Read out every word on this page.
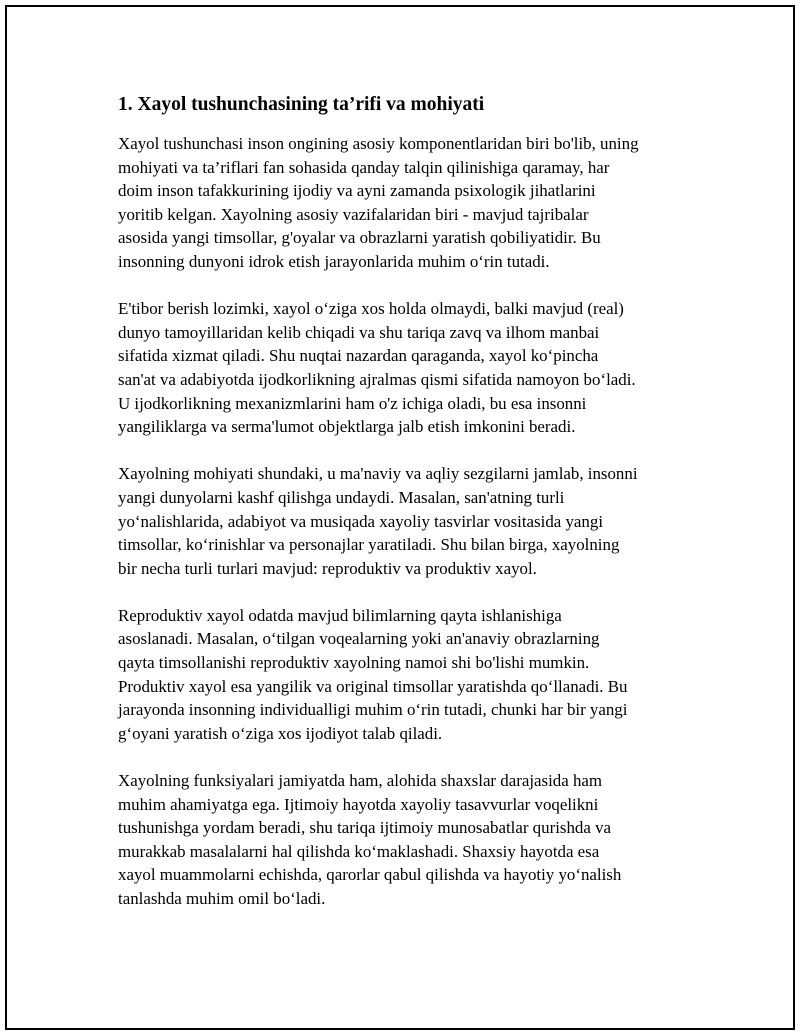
1. Xayol tushunchasining ta’rifi va mohiyati

Xayol tushunchasi inson ongining asosiy komponentlaridan biri bo'lib, uning
mohiyati va ta’riflari fan sohasida qanday talqin qilinishiga qaramay, har
doim inson tafakkurining ijodiy va ayni zamanda psixologik jihatlarini
yoritib kelgan. Xayolning asosiy vazifalaridan biri - mavjud tajribalar
asosida yangi timsollar, g'oyalar va obrazlarni yaratish qobiliyatidir. Bu
insonning dunyoni idrok etish jarayonlarida muhim o‘rin tutadi.

E'tibor berish lozimki, xayol o‘ziga xos holda olmaydi, balki mavjud (real)
dunyo tamoyillaridan kelib chiqadi va shu tariqa zavq va ilhom manbai
sifatida xizmat qiladi. Shu nuqtai nazardan qaraganda, xayol ko‘pincha
san'at va adabiyotda ijodkorlikning ajralmas qismi sifatida namoyon bo‘ladi.
U ijodkorlikning mexanizmlarini ham o'z ichiga oladi, bu esa insonni
yangiliklarga va serma'lumot objektlarga jalb etish imkonini beradi.

Xayolning mohiyati shundaki, u ma'naviy va aqliy sezgilarni jamlab, insonni
yangi dunyolarni kashf qilishga undaydi. Masalan, san'atning turli
yo‘nalishlarida, adabiyot va musiqada xayoliy tasvirlar vositasida yangi
timsollar, ko‘rinishlar va personajlar yaratiladi. Shu bilan birga, xayolning
bir necha turli turlari mavjud: reproduktiv va produktiv xayol.

Reproduktiv xayol odatda mavjud bilimlarning qayta ishlanishiga
asoslanadi. Masalan, o‘tilgan voqealarning yoki an'anaviy obrazlarning
qayta timsollanishi reproduktiv xayolning namoi shi bo'lishi mumkin.
Produktiv xayol esa yangilik va original timsollar yaratishda qo‘llanadi. Bu
jarayonda insonning individualligi muhim o‘rin tutadi, chunki har bir yangi
g‘oyani yaratish o‘ziga xos ijodiyot talab qiladi.

Xayolning funksiyalari jamiyatda ham, alohida shaxslar darajasida ham
muhim ahamiyatga ega. Ijtimoiy hayotda xayoliy tasavvurlar voqelikni
tushunishga yordam beradi, shu tariqa ijtimoiy munosabatlar qurishda va
murakkab masalalarni hal qilishda ko‘maklashadi. Shaxsiy hayotda esa
xayol muammolarni echishda, qarorlar qabul qilishda va hayotiy yo‘nalish
tanlashda muhim omil bo‘ladi.
